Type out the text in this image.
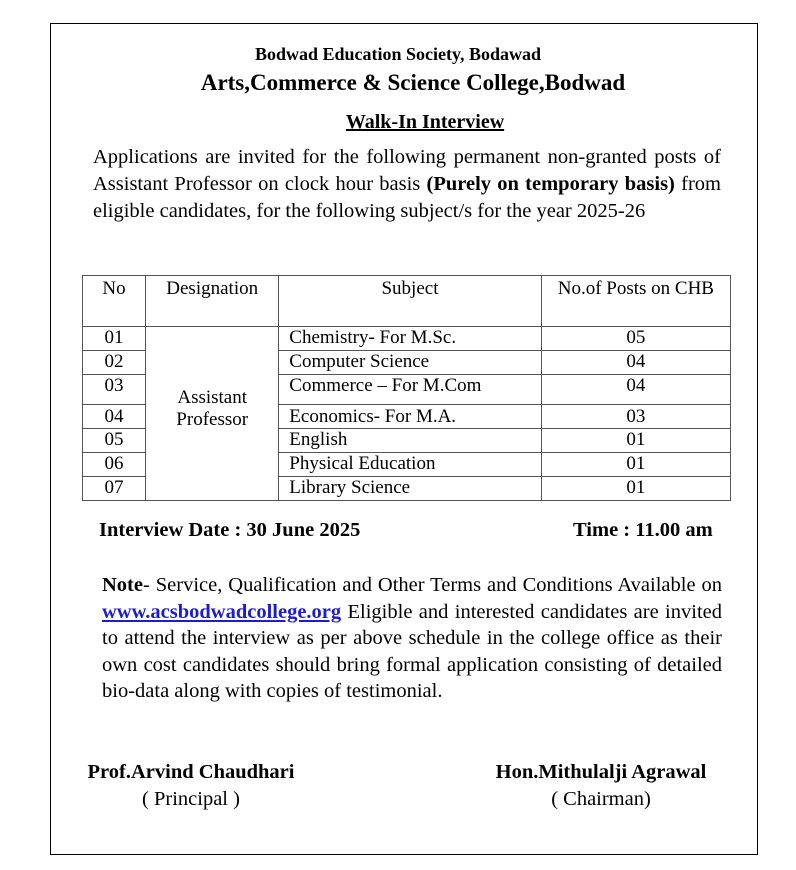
Bodwad Education Society, Bodawad
Arts,Commerce & Science College,Bodwad
Walk-In Interview
Applications are invited for the following permanent non-granted posts of Assistant Professor on clock hour basis (Purely on temporary basis) from eligible candidates, for the following subject/s for the year 2025-26
No	Designation	Subject	No.of Posts on CHB
01	Assistant Professor	Chemistry- For M.Sc.	05
02		Computer Science	04
03		Commerce – For M.Com	04
04		Economics- For M.A.	03
05		English	01
06		Physical Education	01
07		Library Science	01
Interview Date : 30 June 2025	Time : 11.00 am
Note- Service, Qualification and Other Terms and Conditions Available on www.acsbodwadcollege.org Eligible and interested candidates are invited to attend the interview as per above schedule in the college office as their own cost candidates should bring formal application consisting of detailed bio-data along with copies of testimonial.
Prof.Arvind Chaudhari
( Principal )
Hon.Mithulalji Agrawal
( Chairman)
